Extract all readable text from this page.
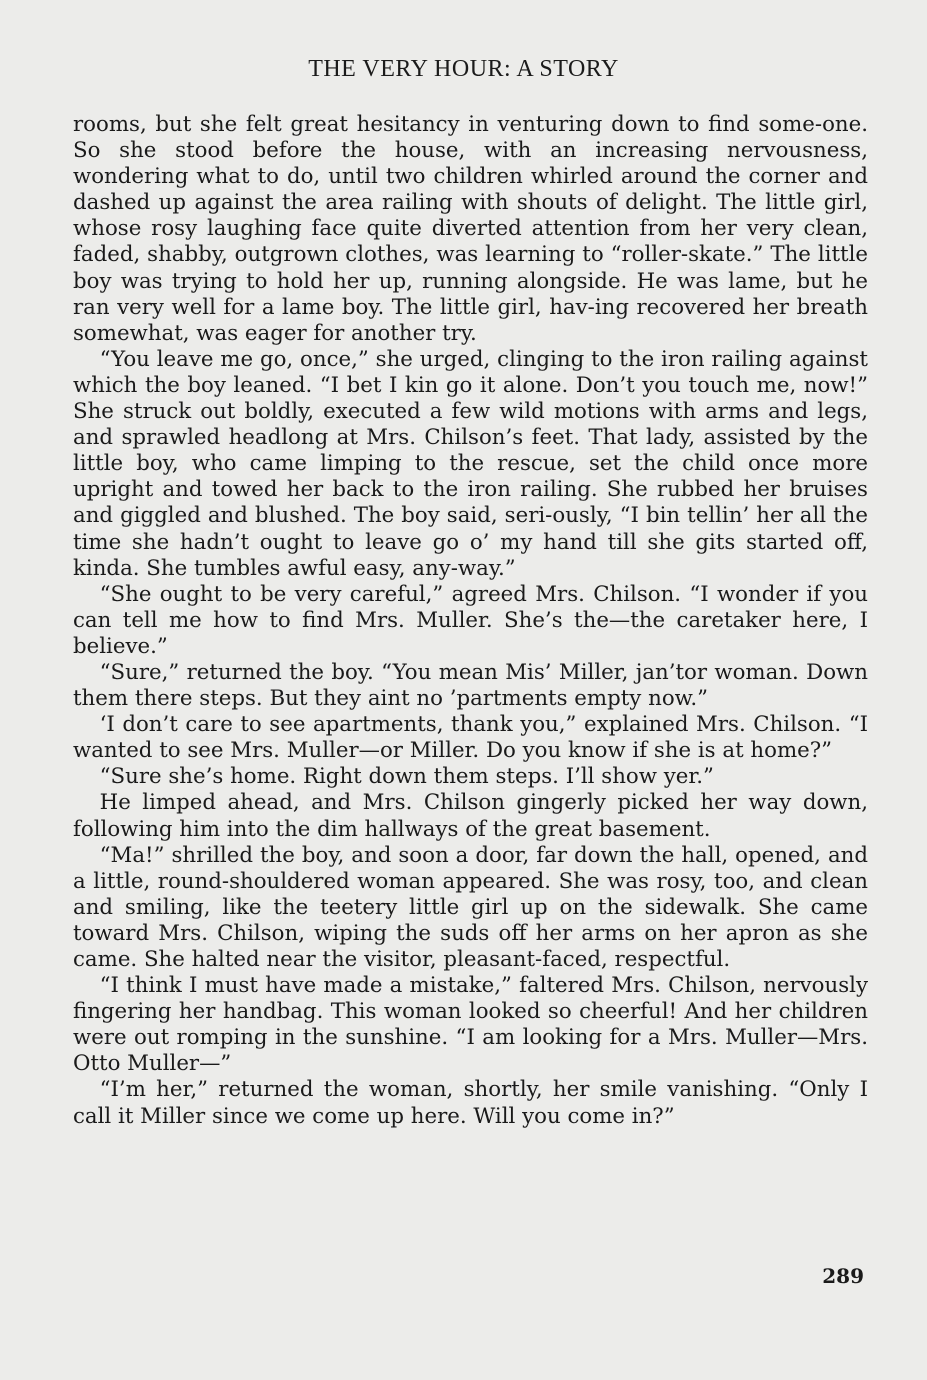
THE VERY HOUR: A STORY

rooms, but she felt great hesitancy in venturing down to find some-one. So she stood before the house, with an increasing nervousness, wondering what to do, until two children whirled around the corner and dashed up against the area railing with shouts of delight. The little girl, whose rosy laughing face quite diverted attention from her very clean, faded, shabby, outgrown clothes, was learning to “roller-skate.” The little boy was trying to hold her up, running alongside. He was lame, but he ran very well for a lame boy. The little girl, hav-ing recovered her breath somewhat, was eager for another try.

“You leave me go, once,” she urged, clinging to the iron railing against which the boy leaned. “I bet I kin go it alone. Don’t you touch me, now!” She struck out boldly, executed a few wild motions with arms and legs, and sprawled headlong at Mrs. Chilson’s feet. That lady, assisted by the little boy, who came limping to the rescue, set the child once more upright and towed her back to the iron railing. She rubbed her bruises and giggled and blushed. The boy said, seri-ously, “I bin tellin’ her all the time she hadn’t ought to leave go o’ my hand till she gits started off, kinda. She tumbles awful easy, any-way.”

“She ought to be very careful,” agreed Mrs. Chilson. “I wonder if you can tell me how to find Mrs. Muller. She’s the—the caretaker here, I believe.”

“Sure,” returned the boy. “You mean Mis’ Miller, jan’tor woman. Down them there steps. But they aint no ’partments empty now.”

‘I don’t care to see apartments, thank you,” explained Mrs. Chilson. “I wanted to see Mrs. Muller—or Miller. Do you know if she is at home?”

“Sure she’s home. Right down them steps. I’ll show yer.”

He limped ahead, and Mrs. Chilson gingerly picked her way down, following him into the dim hallways of the great basement.

“Ma!” shrilled the boy, and soon a door, far down the hall, opened, and a little, round-shouldered woman appeared. She was rosy, too, and clean and smiling, like the teetery little girl up on the sidewalk. She came toward Mrs. Chilson, wiping the suds off her arms on her apron as she came. She halted near the visitor, pleasant-faced, respectful.

“I think I must have made a mistake,” faltered Mrs. Chilson, nervously fingering her handbag. This woman looked so cheerful! And her children were out romping in the sunshine. “I am looking for a Mrs. Muller—Mrs. Otto Muller—”

“I’m her,” returned the woman, shortly, her smile vanishing. “Only I call it Miller since we come up here. Will you come in?”

289
